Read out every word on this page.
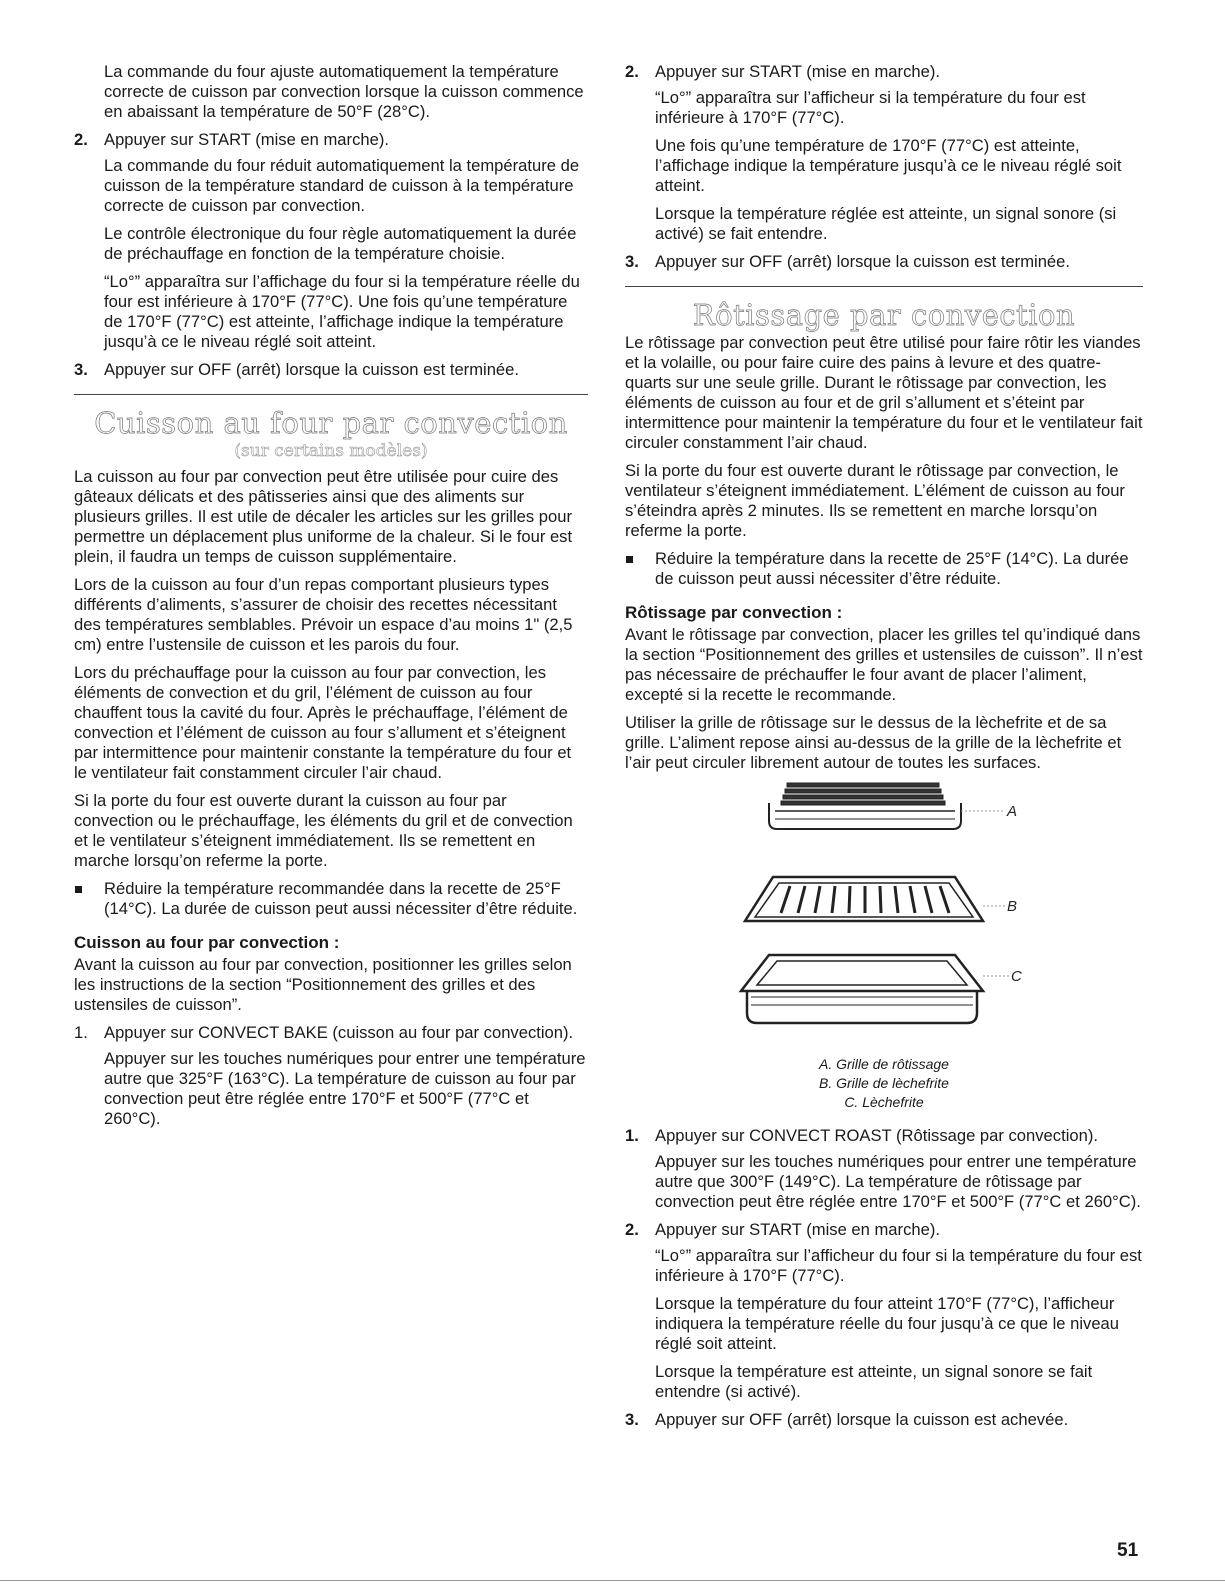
La commande du four ajuste automatiquement la température correcte de cuisson par convection lorsque la cuisson commence en abaissant la température de 50°F (28°C).

2. Appuyer sur START (mise en marche).

La commande du four réduit automatiquement la température de cuisson de la température standard de cuisson à la température correcte de cuisson par convection.

Le contrôle électronique du four règle automatiquement la durée de préchauffage en fonction de la température choisie.

“Lo°” apparaîtra sur l’affichage du four si la température réelle du four est inférieure à 170°F (77°C). Une fois qu’une température de 170°F (77°C) est atteinte, l’affichage indique la température jusqu’à ce le niveau réglé soit atteint.

3. Appuyer sur OFF (arrêt) lorsque la cuisson est terminée.
Cuisson au four par convection
(sur certains modèles)

La cuisson au four par convection peut être utilisée pour cuire des gâteaux délicats et des pâtisseries ainsi que des aliments sur plusieurs grilles. Il est utile de décaler les articles sur les grilles pour permettre un déplacement plus uniforme de la chaleur. Si le four est plein, il faudra un temps de cuisson supplémentaire.

Lors de la cuisson au four d’un repas comportant plusieurs types différents d’aliments, s’assurer de choisir des recettes nécessitant des températures semblables. Prévoir un espace d’au moins 1" (2,5 cm) entre l’ustensile de cuisson et les parois du four.

Lors du préchauffage pour la cuisson au four par convection, les éléments de convection et du gril, l’élément de cuisson au four chauffent tous la cavité du four. Après le préchauffage, l’élément de convection et l’élément de cuisson au four s’allument et s’éteignent par intermittence pour maintenir constante la température du four et le ventilateur fait constamment circuler l’air chaud.

Si la porte du four est ouverte durant la cuisson au four par convection ou le préchauffage, les éléments du gril et de convection et le ventilateur s’éteignent immédiatement. Ils se remettent en marche lorsqu’on referme la porte.

Réduire la température recommandée dans la recette de 25°F (14°C). La durée de cuisson peut aussi nécessiter d’être réduite.
Cuisson au four par convection :

Avant la cuisson au four par convection, positionner les grilles selon les instructions de la section “Positionnement des grilles et des ustensiles de cuisson”.

1. Appuyer sur CONVECT BAKE (cuisson au four par convection).

Appuyer sur les touches numériques pour entrer une température autre que 325°F (163°C). La température de cuisson au four par convection peut être réglée entre 170°F et 500°F (77°C et 260°C).

2. Appuyer sur START (mise en marche).

“Lo°” apparaîtra sur l’afficheur si la température du four est inférieure à 170°F (77°C).

Une fois qu’une température de 170°F (77°C) est atteinte, l’affichage indique la température jusqu’à ce le niveau réglé soit atteint.

Lorsque la température réglée est atteinte, un signal sonore (si activé) se fait entendre.

3. Appuyer sur OFF (arrêt) lorsque la cuisson est terminée.
Rôtissage par convection

Le rôtissage par convection peut être utilisé pour faire rôtir les viandes et la volaille, ou pour faire cuire des pains à levure et des quatre-quarts sur une seule grille. Durant le rôtissage par convection, les éléments de cuisson au four et de gril s’allument et s’éteint par intermittence pour maintenir la température du four et le ventilateur fait circuler constamment l’air chaud.

Si la porte du four est ouverte durant le rôtissage par convection, le ventilateur s’éteignent immédiatement. L’élément de cuisson au four s’éteindra après 2 minutes. Ils se remettent en marche lorsqu’on referme la porte.

Réduire la température dans la recette de 25°F (14°C). La durée de cuisson peut aussi nécessiter d’être réduite.
Rôtissage par convection :

Avant le rôtissage par convection, placer les grilles tel qu’indiqué dans la section “Positionnement des grilles et ustensiles de cuisson”. Il n’est pas nécessaire de préchauffer le four avant de placer l’aliment, excepté si la recette le recommande.

Utiliser la grille de rôtissage sur le dessus de la lèchefrite et de sa grille. L’aliment repose ainsi au-dessus de la grille de la lèchefrite et l’air peut circuler librement autour de toutes les surfaces.

A
B
C
A. Grille de rôtissage
B. Grille de lèchefrite
C. Lèchefrite
1. Appuyer sur CONVECT ROAST (Rôtissage par convection).

Appuyer sur les touches numériques pour entrer une température autre que 300°F (149°C). La température de rôtissage par convection peut être réglée entre 170°F et 500°F (77°C et 260°C).

2. Appuyer sur START (mise en marche).

“Lo°” apparaîtra sur l’afficheur du four si la température du four est inférieure à 170°F (77°C).

Lorsque la température du four atteint 170°F (77°C), l’afficheur indiquera la température réelle du four jusqu’à ce que le niveau réglé soit atteint.

Lorsque la température est atteinte, un signal sonore se fait entendre (si activé).

3. Appuyer sur OFF (arrêt) lorsque la cuisson est achevée.
51
